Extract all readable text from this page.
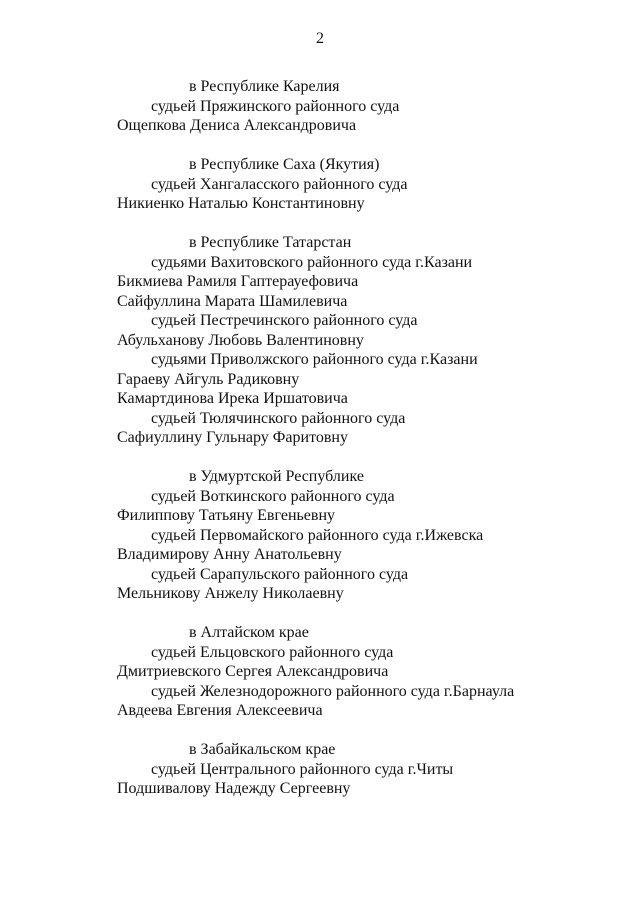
2
в Республике Карелия
судьей Пряжинского районного суда
Ощепкова Дениса Александровича
в Республике Саха (Якутия)
судьей Хангаласского районного суда
Никиенко Наталью Константиновну
в Республике Татарстан
судьями Вахитовского районного суда г.Казани
Бикмиева Рамиля Гаптерауефовича
Сайфуллина Марата Шамилевича
судьей Пестречинского районного суда
Абульханову Любовь Валентиновну
судьями Приволжского районного суда г.Казани
Гараеву Айгуль Радиковну
Камартдинова Ирека Иршатовича
судьей Тюлячинского районного суда
Сафиуллину Гульнару Фаритовну
в Удмуртской Республике
судьей Воткинского районного суда
Филиппову Татьяну Евгеньевну
судьей Первомайского районного суда г.Ижевска
Владимирову Анну Анатольевну
судьей Сарапульского районного суда
Мельникову Анжелу Николаевну
в Алтайском крае
судьей Ельцовского районного суда
Дмитриевского Сергея Александровича
судьей Железнодорожного районного суда г.Барнаула
Авдеева Евгения Алексеевича
в Забайкальском крае
судьей Центрального районного суда г.Читы
Подшивалову Надежду Сергеевну
